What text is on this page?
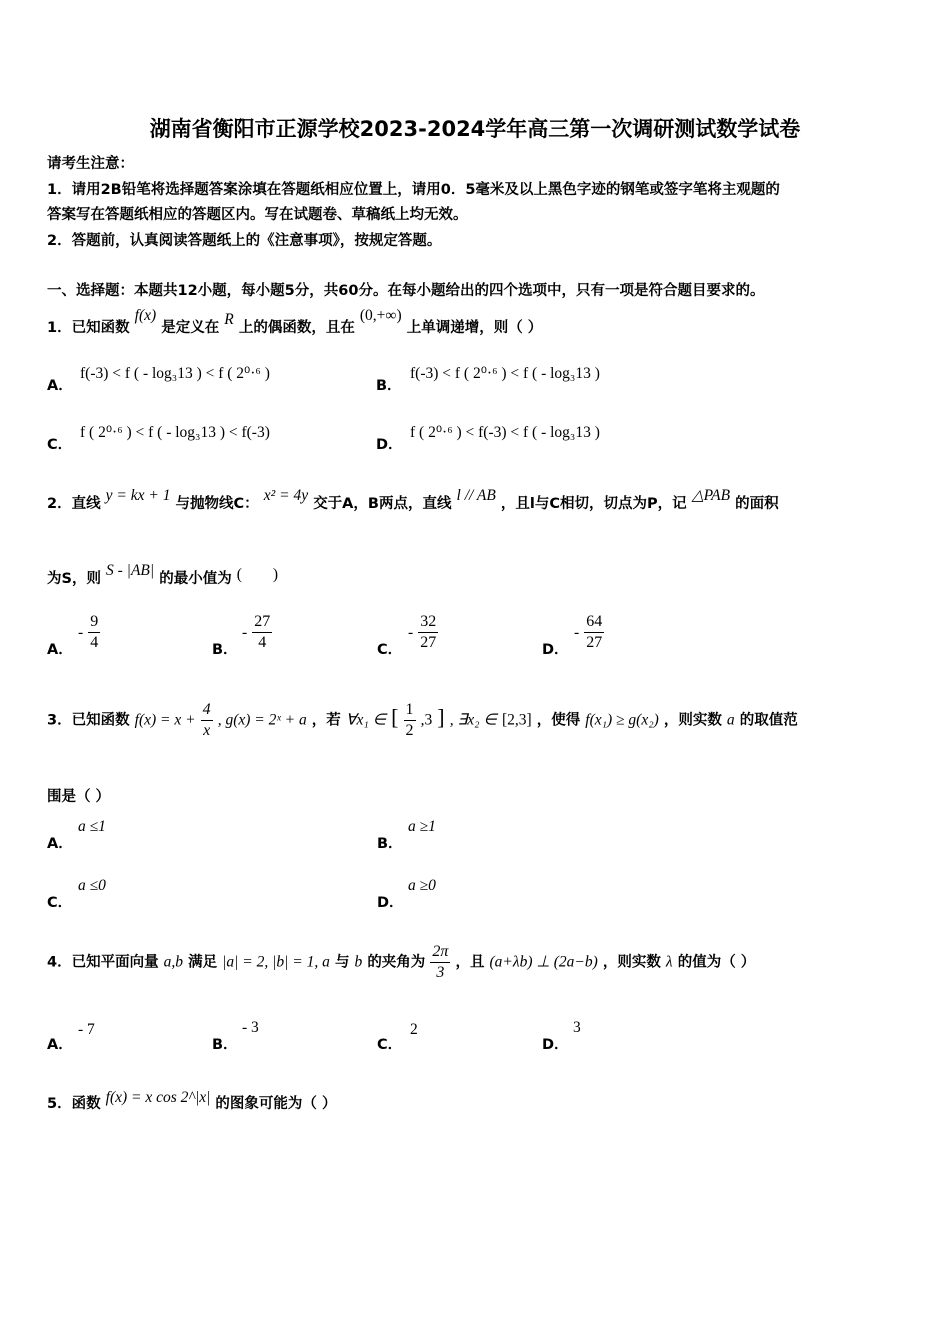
湖南省衡阳市正源学校2023-2024学年高三第一次调研测试数学试卷
请考生注意：
1．请用2B铅笔将选择题答案涂填在答题纸相应位置上，请用0．5毫米及以上黑色字迹的钢笔或签字笔将主观题的
答案写在答题纸相应的答题区内。写在试题卷、草稿纸上均无效。
2．答题前，认真阅读答题纸上的《注意事项》，按规定答题。
一、选择题：本题共12小题，每小题5分，共60分。在每小题给出的四个选项中，只有一项是符合题目要求的。
1．已知函数 f(x) 是定义在 R 上的偶函数，且在 (0,+∞) 上单调递增，则（ ）
A．
f(-3) < f ( - log₃13 ) < f ( 2⁰·⁶ )
B．
f(-3) < f ( 2⁰·⁶ ) < f ( - log₃13 )
C．
f ( 2⁰·⁶ ) < f ( - log₃13 ) < f(-3)
D．
f ( 2⁰·⁶ ) < f(-3) < f ( - log₃13 )
2．直线 y = kx + 1 与抛物线C： x² = 4y 交于A，B两点，直线 l // AB ，且l与C相切，切点为P，记 △PAB 的面积
为S，则 S - |AB| 的最小值为 (　　)
A．
- $\frac{9}{4}$	B．
- $\frac{27}{4}$	C．
- $\frac{32}{27}$	D．
- $\frac{64}{27}$
3．已知函数 $f(x) = x + \frac{4}{x}$ , g(x) = 2ˣ + a ，若 ∀x₁ ∈ [ $\frac{1}{2} ,3$ ] , ∃x₂ ∈ [2,3] ，使得 f(x₁) ≥ g(x₂) ，则实数 a 的取值范
围是（ ）
A．
a ≤1
B．
a ≥1
C．
a ≤0
D．
a ≥0
4．已知平面向量 a,b 满足 |a| = 2, |b| = 1, a 与 b 的夹角为 $\frac{2\pi}{3}$ ，且 (a+λb) ⊥ (2a−b) ，则实数 λ 的值为（ ）
A．
- 7
B．
- 3
C．
2
D．
3
5．函数 f(x) = x cos 2^|x| 的图象可能为（ ）
